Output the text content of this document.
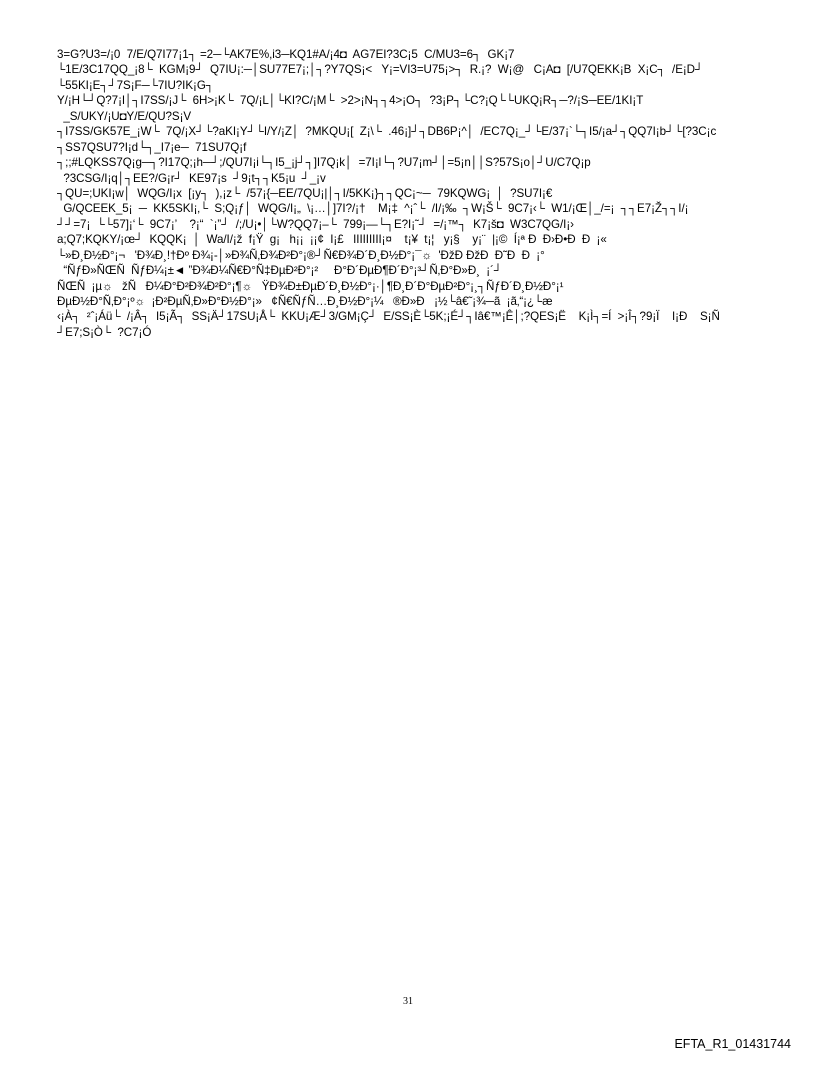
3=G?U3=/¡0  7/E/Q7I77¡1┐ =2─└AK7E%,i3─KQ1#A/¡4◘  AG7EI?3C¡5  C/MU3=6┐  GK¡7
└1E/3C17QQ_¡8└  KGM¡9┘  Q7IU¡:─│SU77E7¡;│┐?Y7QS¡<   Y¡=VI3=U75¡>┐  R.¡?  W¡@   C¡A◘  [/U7QEKK¡B  X¡C┐  /E¡D┘
└55KI¡E┐┘7S¡F─└7IU?IK¡G┐
Y/¡H└┘Q?7¡I│┐I7SS/¡J└  6H>¡K└  7Q/¡L│└KI?C/¡M└  >2>¡N┐┐4>¡O┐  ?3¡P┐└C?¡Q└└UKQ¡R┐─?/¡S─EE/1KI¡T
_S/UKY/¡U◘Y/E/QU?S¡V
┐I7SS/GK57E_¡W└  7Q/¡X┘└?aKI¡Y┘└I/Y/¡Z│  ?MKQU¡[  Z¡\└  .46¡]┘┐DB6P¡^│  /EC7Q¡_┘└E/37¡`└┐I5/¡a┘┐QQ7I¡b┘└[?3C¡c
┐SS7QSU7?I¡d└┐_I7¡e─  71SU7Q¡f
┐;;#LQKSS7Q¡g─┐?I17Q;¡h─┘;/QU7I¡i└┐I5_¡j┘┐]I7Q¡k│  =7I¡l└┐?U7¡m┘│=5¡n││S?57S¡o│┘U/C7Q¡p
?3CSG/I¡q│┐EE?/G¡r┘  KE97¡s  ┘9¡t┐┐K5¡u  ┘_¡v
┐QU=;UKI¡w│  WQG/I¡x  [¡y┐  ),¡z└  /57¡{─EE/7QU¡|│┐I/5KK¡}┐┐QC¡~─  79KQWG¡  │  ?SU7I¡€
G/QCEEK_5¡  ─  KK5SKI¡‚└  S;Q¡ƒ│  WQG/I¡„  \¡…│]7I?/¡†    M¡‡  ^¡ˆ└  /I/¡‰  ┐W¡Š└  9C7¡‹└  W1/¡Œ│_/=¡  ┐┐E7¡Ž┐┐I/¡
┘┘=7¡  └└57]¡‘└  9C7¡’    ?¡“  `¡”┘  /;/U¡•│└W?QQ7¡–└  799¡—└┐E?I¡˜┘  =/¡™┐  K7¡š◘  W3C7QG/I¡›
a;Q7;KQKY/¡œ┘  KQQK¡  │  Wa/I/¡ž  f¡Ÿ  g¡   h¡¡  ¡¡¢  I¡£   IIIIIIIII¡¤    t¡¥  t¡¦   y¡§    y¡¨  |¡©  Í¡ª Ð  Ð›Ð•Ð  Ð  ¡«
└»Ð¸Ð½Ð°¡¬   'Ð¾Ð¸!†Ðº Ð¾¡-│»Ð¾Ñ‚Ð¾Ð²Ð°¡®┘Ñ€Ð¾Ð´Ð¸Ð½Ð°¡¯☼  'ÐžÐ ÐžÐ  Ð˜Ð  Ð  ¡°
“ÑƒÐ»ÑŒÑ  ÑƒÐ¼¡±◄ ”Ð¾Ð¼Ñ€Ð°Ñ‡ÐµÐ²Ð°¡²     Ð°Ð´ÐµÐ¶Ð´Ð°¡³┘Ñ‚Ð°Ð»Ð¸  ¡´┘
ÑŒÑ  ¡µ☼   žÑ   Ð¼Ð°Ð²Ð¾Ð²Ð°¡¶☼   ŸÐ¾Ð±ÐµÐ´Ð¸Ð½Ð°¡·│¶Ð¸Ð´Ð°ÐµÐ²Ð°¡¸┐ÑƒÐ´Ð¸Ð½Ð°¡¹
ÐµÐ½Ð°Ñ‚Ð°¡º☼  ¡Ð²ÐµÑ‚Ð»Ð°Ð½Ð°¡»   ¢Ñ€ÑƒÑ…Ð¸Ð½Ð°¡¼   ®Ð»Ð   ¡½└â€˜¡¾─ã  ¡ã‚“¡¿└æ
‹¡À┐  ²ˆ¡Áü└  /¡Â┐  I5¡Ã┐  SS¡Ä┘17SU¡Å└  KKU¡Æ┘3/GM¡Ç┘  E/SS¡È└5K;¡É┘┐Iâ€™¡Ê│;?QES¡Ë    K¡Ì┐=Í  >¡Î┐?9¡Ï    I¡Ð    S¡Ñ
┘E7;S¡Ò└  ?C7¡Ó
31
EFTA_R1_01431744
